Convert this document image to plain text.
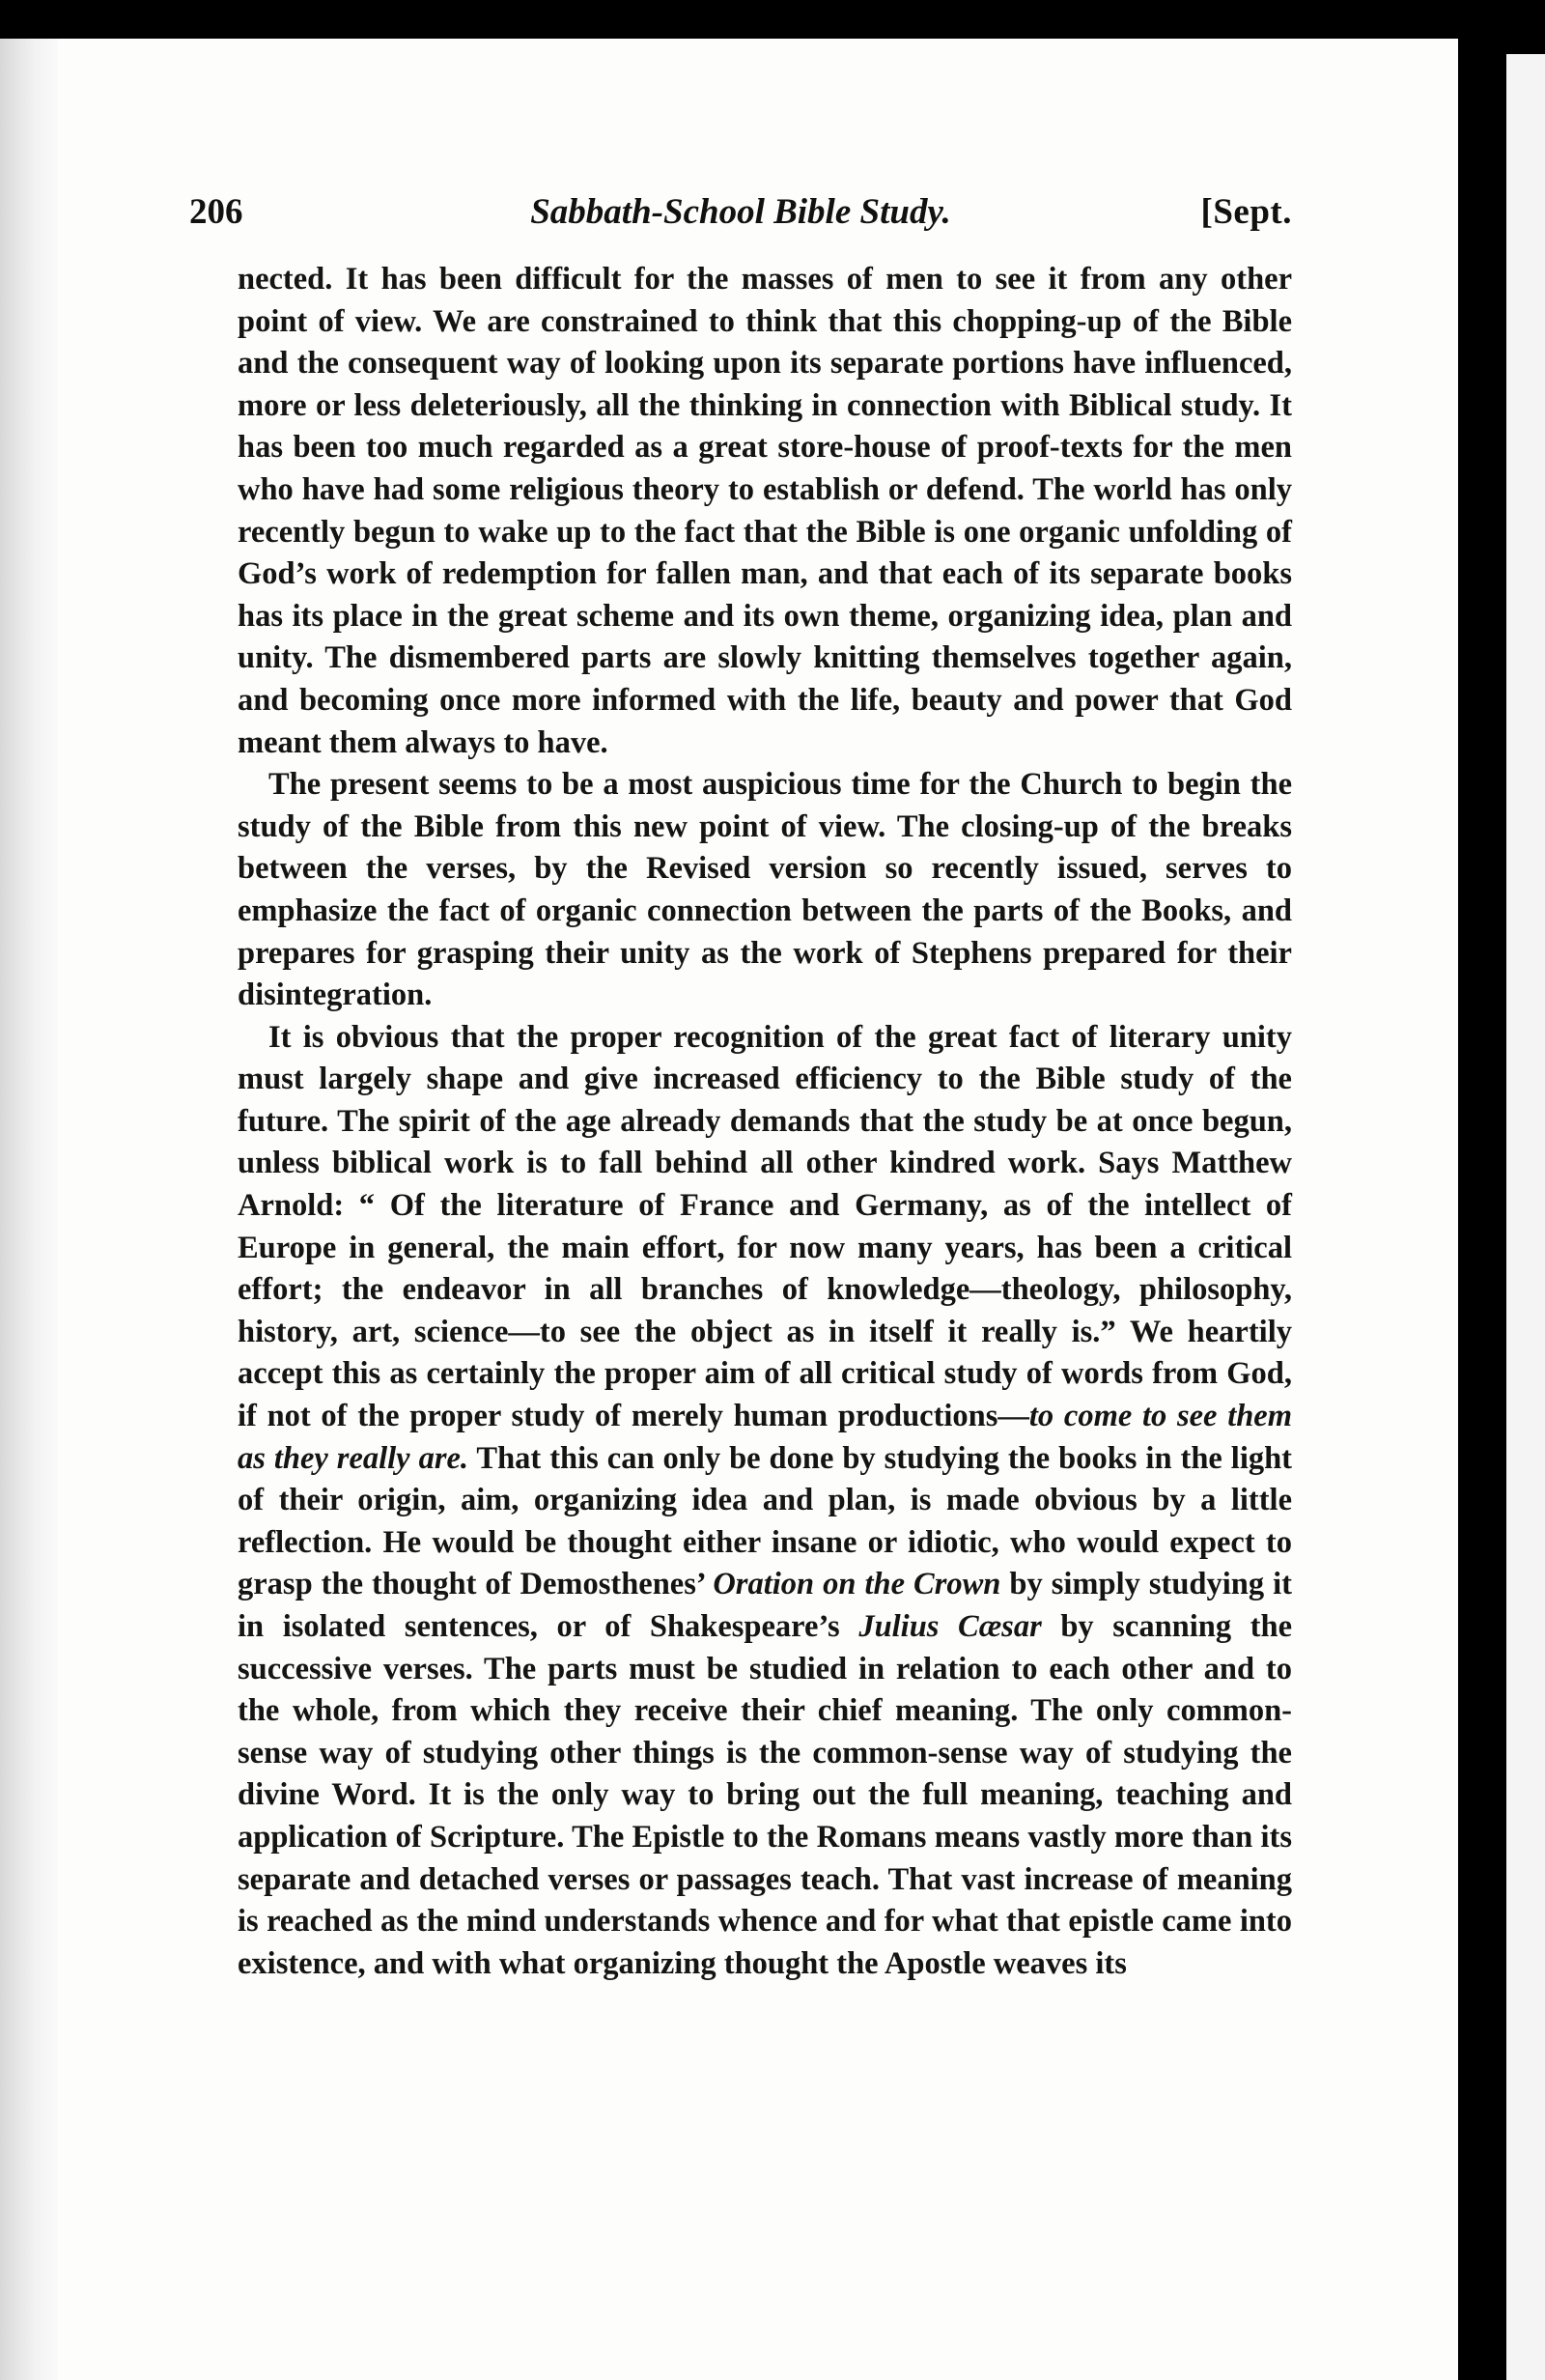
206	Sabbath-School Bible Study.	[Sept.

nected. It has been difficult for the masses of men to see it from any other point of view. We are constrained to think that this chopping-up of the Bible and the consequent way of looking upon its separate portions have influenced, more or less deleteriously, all the thinking in connection with Biblical study. It has been too much regarded as a great store-house of proof-texts for the men who have had some religious theory to establish or defend. The world has only recently begun to wake up to the fact that the Bible is one organic unfolding of God’s work of redemption for fallen man, and that each of its separate books has its place in the great scheme and its own theme, organizing idea, plan and unity. The dismembered parts are slowly knitting themselves together again, and becoming once more informed with the life, beauty and power that God meant them always to have.

The present seems to be a most auspicious time for the Church to begin the study of the Bible from this new point of view. The closing-up of the breaks between the verses, by the Revised version so recently issued, serves to emphasize the fact of organic connection between the parts of the Books, and prepares for grasping their unity as the work of Stephens prepared for their disintegration.

It is obvious that the proper recognition of the great fact of literary unity must largely shape and give increased efficiency to the Bible study of the future. The spirit of the age already demands that the study be at once begun, unless biblical work is to fall behind all other kindred work. Says Matthew Arnold: “ Of the literature of France and Germany, as of the intellect of Europe in general, the main effort, for now many years, has been a critical effort; the endeavor in all branches of knowledge—theology, philosophy, history, art, science—to see the object as in itself it really is.” We heartily accept this as certainly the proper aim of all critical study of words from God, if not of the proper study of merely human productions—to come to see them as they really are. That this can only be done by studying the books in the light of their origin, aim, organizing idea and plan, is made obvious by a little reflection. He would be thought either insane or idiotic, who would expect to grasp the thought of Demosthenes’ Oration on the Crown by simply studying it in isolated sentences, or of Shakespeare’s Julius Cæsar by scanning the successive verses. The parts must be studied in relation to each other and to the whole, from which they receive their chief meaning. The only common-sense way of studying other things is the common-sense way of studying the divine Word. It is the only way to bring out the full meaning, teaching and application of Scripture. The Epistle to the Romans means vastly more than its separate and detached verses or passages teach. That vast increase of meaning is reached as the mind understands whence and for what that epistle came into existence, and with what organizing thought the Apostle weaves its
